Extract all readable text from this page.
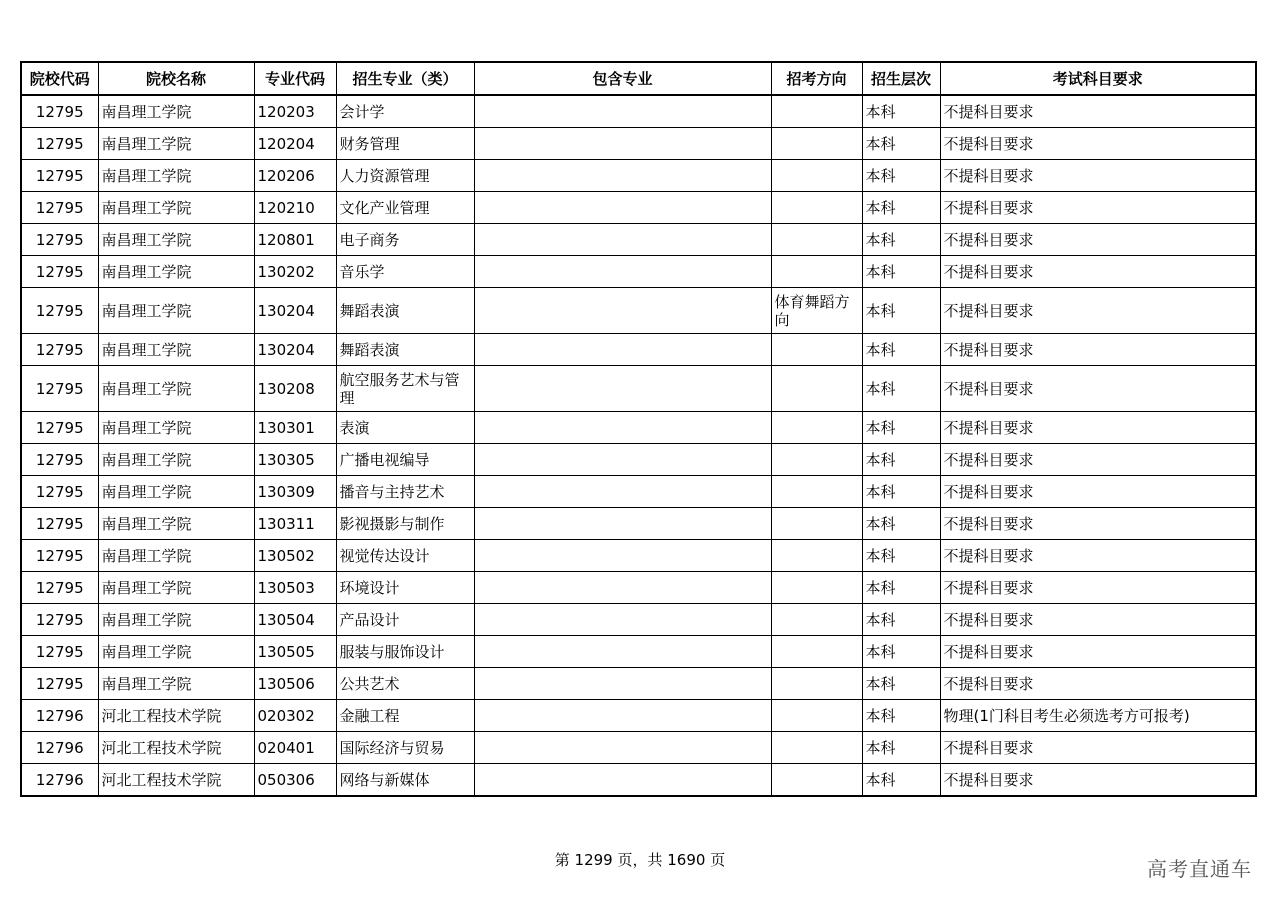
院校代码	院校名称	专业代码	招生专业（类）	包含专业	招考方向	招生层次	考试科目要求
12795	南昌理工学院	120203	会计学			本科	不提科目要求
12795	南昌理工学院	120204	财务管理			本科	不提科目要求
12795	南昌理工学院	120206	人力资源管理			本科	不提科目要求
12795	南昌理工学院	120210	文化产业管理			本科	不提科目要求
12795	南昌理工学院	120801	电子商务			本科	不提科目要求
12795	南昌理工学院	130202	音乐学			本科	不提科目要求
12795	南昌理工学院	130204	舞蹈表演		体育舞蹈方向	本科	不提科目要求
12795	南昌理工学院	130204	舞蹈表演			本科	不提科目要求
12795	南昌理工学院	130208	航空服务艺术与管理			本科	不提科目要求
12795	南昌理工学院	130301	表演			本科	不提科目要求
12795	南昌理工学院	130305	广播电视编导			本科	不提科目要求
12795	南昌理工学院	130309	播音与主持艺术			本科	不提科目要求
12795	南昌理工学院	130311	影视摄影与制作			本科	不提科目要求
12795	南昌理工学院	130502	视觉传达设计			本科	不提科目要求
12795	南昌理工学院	130503	环境设计			本科	不提科目要求
12795	南昌理工学院	130504	产品设计			本科	不提科目要求
12795	南昌理工学院	130505	服装与服饰设计			本科	不提科目要求
12795	南昌理工学院	130506	公共艺术			本科	不提科目要求
12796	河北工程技术学院	020302	金融工程			本科	物理(1门科目考生必须选考方可报考)
12796	河北工程技术学院	020401	国际经济与贸易			本科	不提科目要求
12796	河北工程技术学院	050306	网络与新媒体			本科	不提科目要求
第 1299 页，共 1690 页	高考直通车
